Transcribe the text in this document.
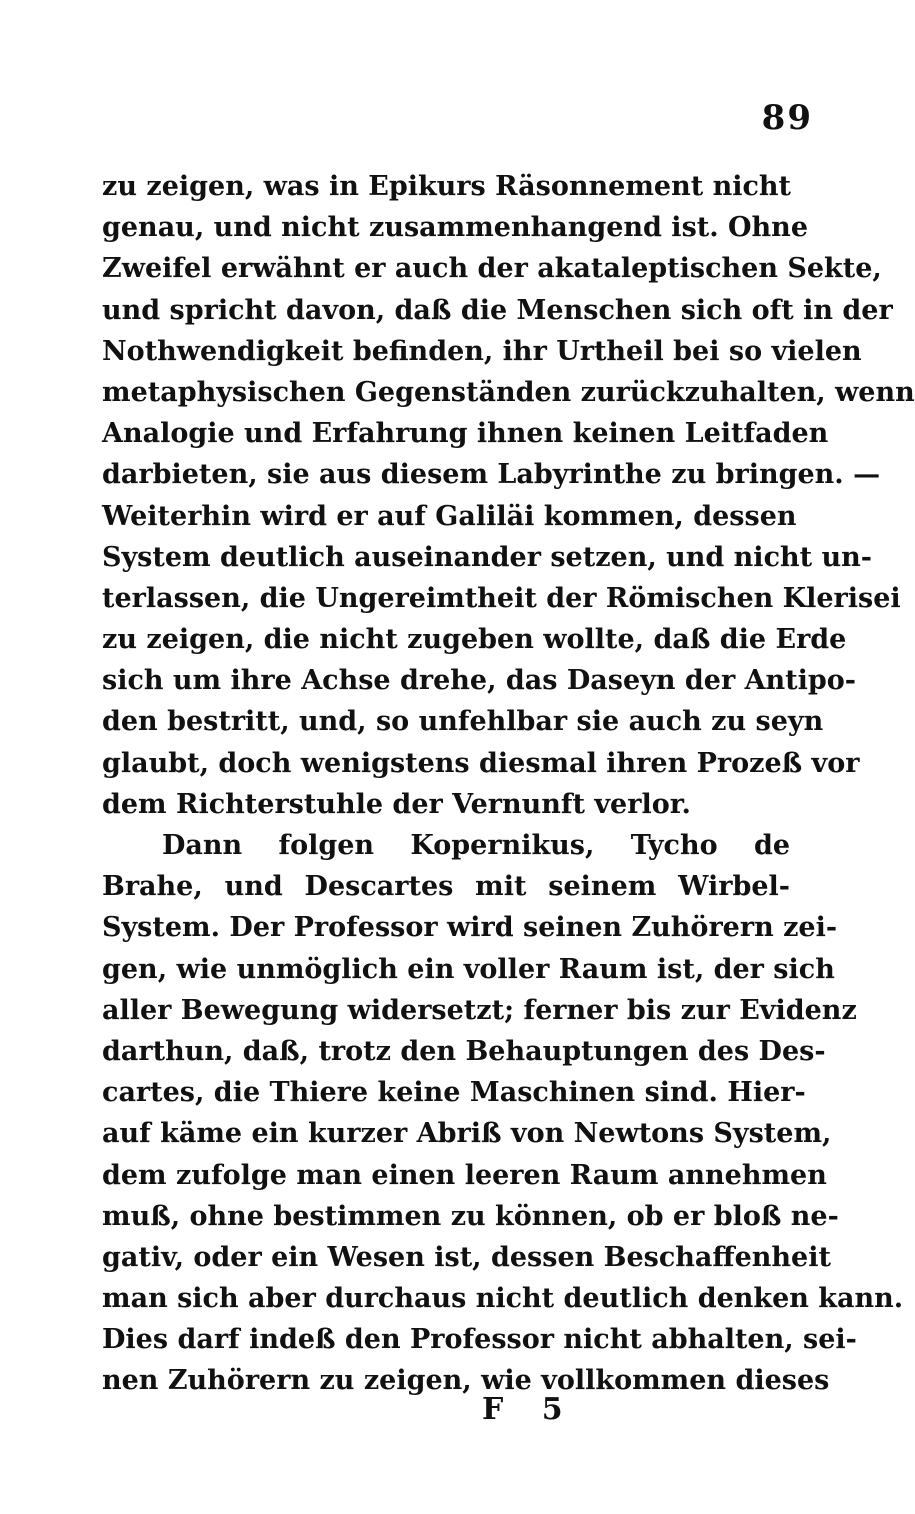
89
zu zeigen, was in Epikurs Räsonnement nicht
genau, und nicht zusammenhangend ist. Ohne
Zweifel erwähnt er auch der akataleptischen Sekte,
und spricht davon, daß die Menschen sich oft in der
Nothwendigkeit befinden, ihr Urtheil bei so vielen
metaphysischen Gegenständen zurückzuhalten, wenn
Analogie und Erfahrung ihnen keinen Leitfaden
darbieten, sie aus diesem Labyrinthe zu bringen. —
Weiterhin wird er auf Galiläi kommen, dessen
System deutlich auseinander setzen, und nicht un-
terlassen, die Ungereimtheit der Römischen Klerisei
zu zeigen, die nicht zugeben wollte, daß die Erde
sich um ihre Achse drehe, das Daseyn der Antipo-
den bestritt, und, so unfehlbar sie auch zu seyn
glaubt, doch wenigstens diesmal ihren Prozeß vor
dem Richterstuhle der Vernunft verlor.
Dann folgen Kopernikus, Tycho de
Brahe, und Descartes mit seinem Wirbel-
System. Der Professor wird seinen Zuhörern zei-
gen, wie unmöglich ein voller Raum ist, der sich
aller Bewegung widersetzt; ferner bis zur Evidenz
darthun, daß, trotz den Behauptungen des Des-
cartes, die Thiere keine Maschinen sind. Hier-
auf käme ein kurzer Abriß von Newtons System,
dem zufolge man einen leeren Raum annehmen
muß, ohne bestimmen zu können, ob er bloß ne-
gativ, oder ein Wesen ist, dessen Beschaffenheit
man sich aber durchaus nicht deutlich denken kann.
Dies darf indeß den Professor nicht abhalten, sei-
nen Zuhörern zu zeigen, wie vollkommen dieses
F 5
